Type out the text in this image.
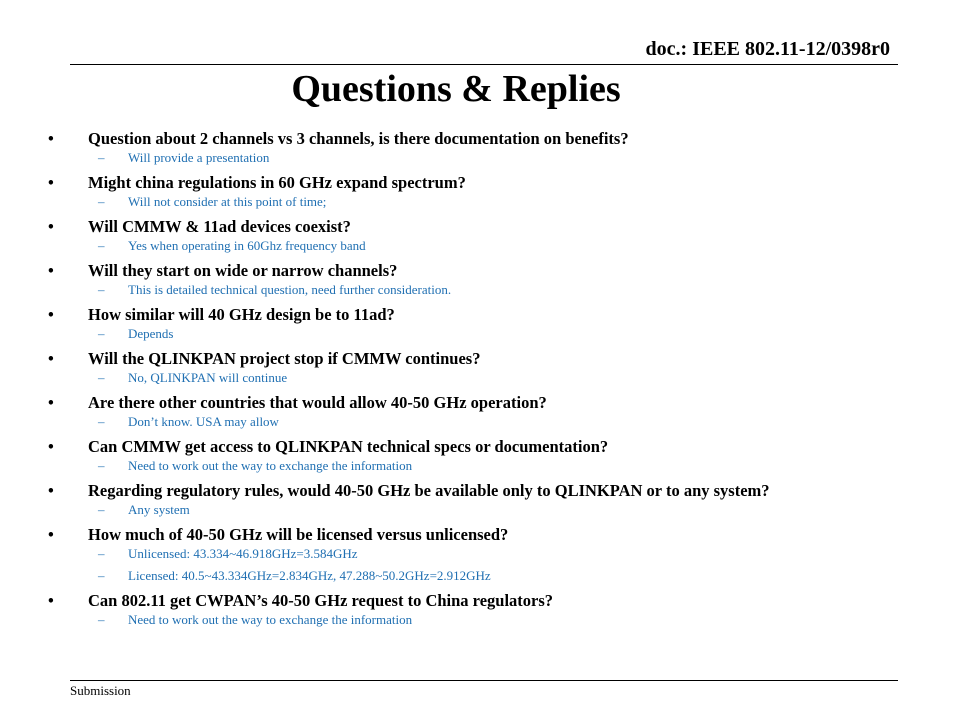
doc.: IEEE 802.11-12/0398r0
Questions & Replies
•	Question about 2 channels vs 3 channels, is there documentation on benefits?
– Will provide a presentation
•	Might china regulations in 60 GHz expand spectrum?
– Will not consider at this point of time;
•	Will CMMW & 11ad devices coexist?
– Yes when operating in 60Ghz frequency band
•	Will they start on wide or narrow channels?
– This is detailed technical question, need further consideration.
•	How similar will 40 GHz design be to 11ad?
– Depends
•	Will the QLINKPAN project stop if CMMW continues?
– No, QLINKPAN will continue
•	Are there other countries that would allow 40-50 GHz operation?
– Don’t know. USA may allow
•	Can CMMW get access to QLINKPAN technical specs or documentation?
– Need to work out the way to exchange the information
•	Regarding regulatory rules, would 40-50 GHz be available only to QLINKPAN or to any system?
– Any system
•	How much of 40-50 GHz will be licensed versus unlicensed?
– Unlicensed: 43.334~46.918GHz=3.584GHz
– Licensed: 40.5~43.334GHz=2.834GHz, 47.288~50.2GHz=2.912GHz
•	Can 802.11 get CWPAN’s 40-50 GHz request to China regulators?
– Need to work out the way to exchange the information
Submission
